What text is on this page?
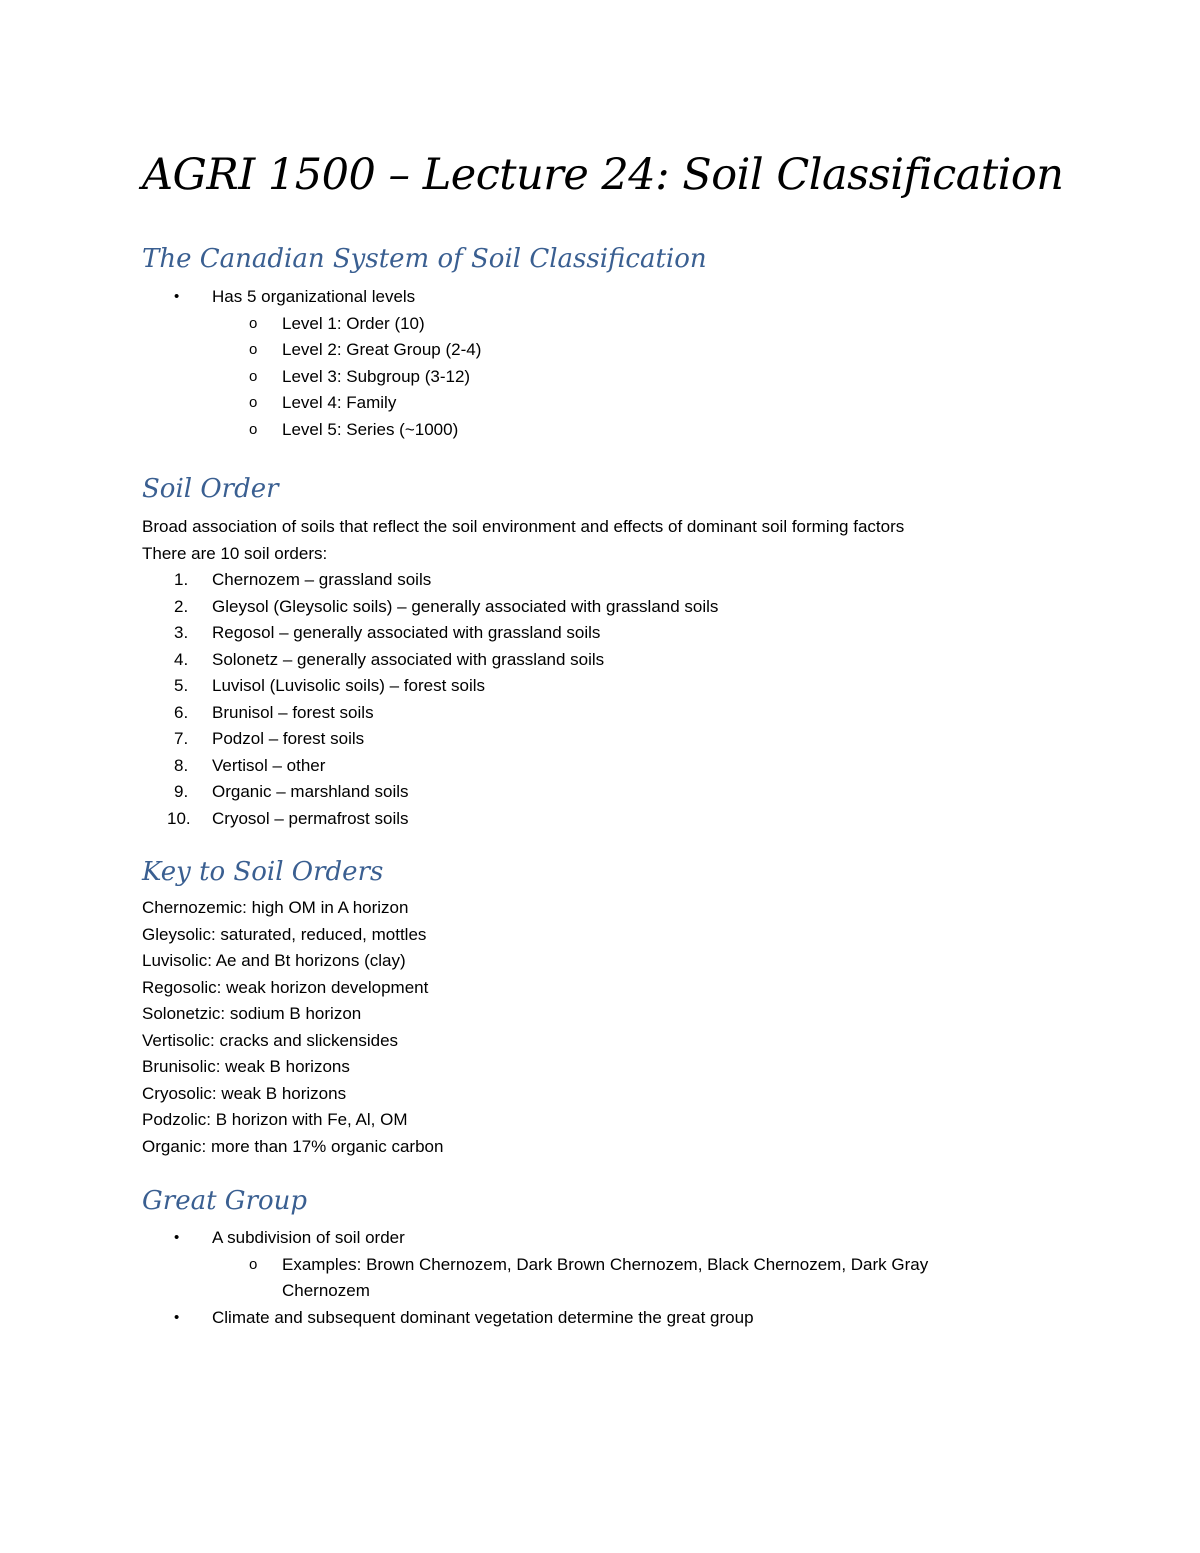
AGRI 1500 – Lecture 24: Soil Classification
The Canadian System of Soil Classification
• Has 5 organizational levels
o Level 1: Order (10)
o Level 2: Great Group (2-4)
o Level 3: Subgroup (3-12)
o Level 4: Family
o Level 5: Series (~1000)
Soil Order
Broad association of soils that reflect the soil environment and effects of dominant soil forming factors
There are 10 soil orders:
1. Chernozem – grassland soils
2. Gleysol (Gleysolic soils) – generally associated with grassland soils
3. Regosol – generally associated with grassland soils
4. Solonetz – generally associated with grassland soils
5. Luvisol (Luvisolic soils) – forest soils
6. Brunisol – forest soils
7. Podzol – forest soils
8. Vertisol – other
9. Organic – marshland soils
10. Cryosol – permafrost soils
Key to Soil Orders
Chernozemic: high OM in A horizon
Gleysolic: saturated, reduced, mottles
Luvisolic: Ae and Bt horizons (clay)
Regosolic: weak horizon development
Solonetzic: sodium B horizon
Vertisolic: cracks and slickensides
Brunisolic: weak B horizons
Cryosolic: weak B horizons
Podzolic: B horizon with Fe, Al, OM
Organic: more than 17% organic carbon
Great Group
• A subdivision of soil order
o Examples: Brown Chernozem, Dark Brown Chernozem, Black Chernozem, Dark Gray
Chernozem
• Climate and subsequent dominant vegetation determine the great group
